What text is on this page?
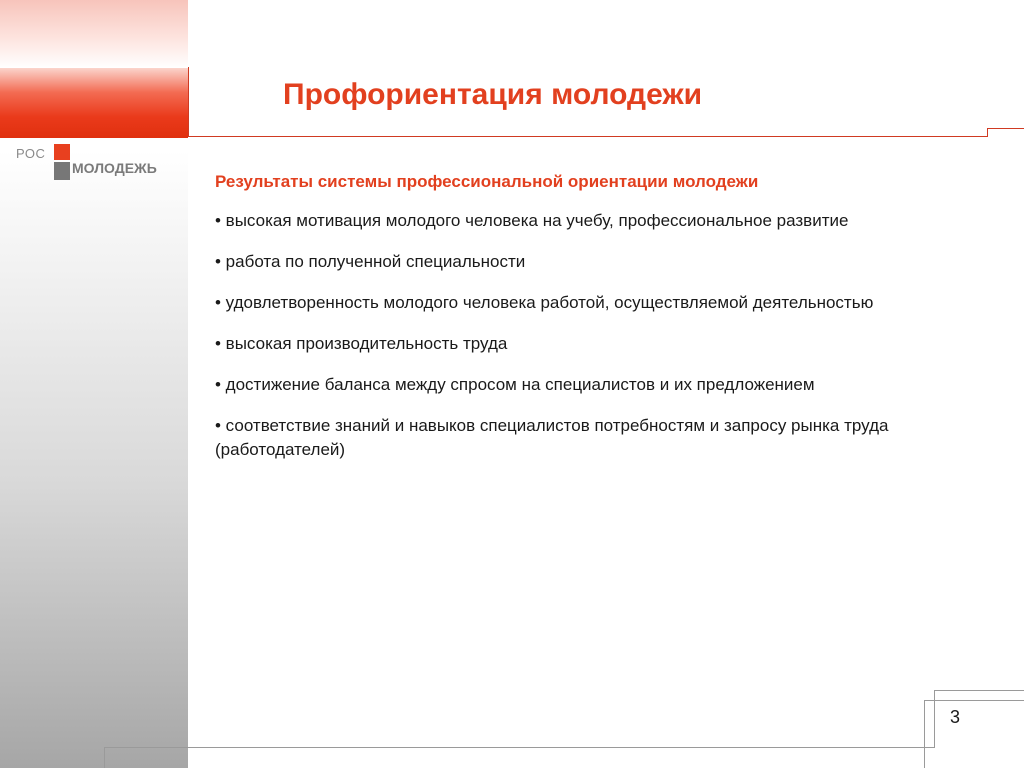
РОС
МОЛОДЕЖЬ
Профориентация молодежи
Результаты системы профессиональной ориентации молодежи
• высокая мотивация молодого человека на учебу, профессиональное развитие
• работа по полученной специальности
• удовлетворенность молодого человека работой, осуществляемой деятельностью
• высокая производительность труда
• достижение баланса между спросом на специалистов и их предложением
• соответствие знаний и навыков специалистов потребностям и запросу рынка труда (работодателей)
3
